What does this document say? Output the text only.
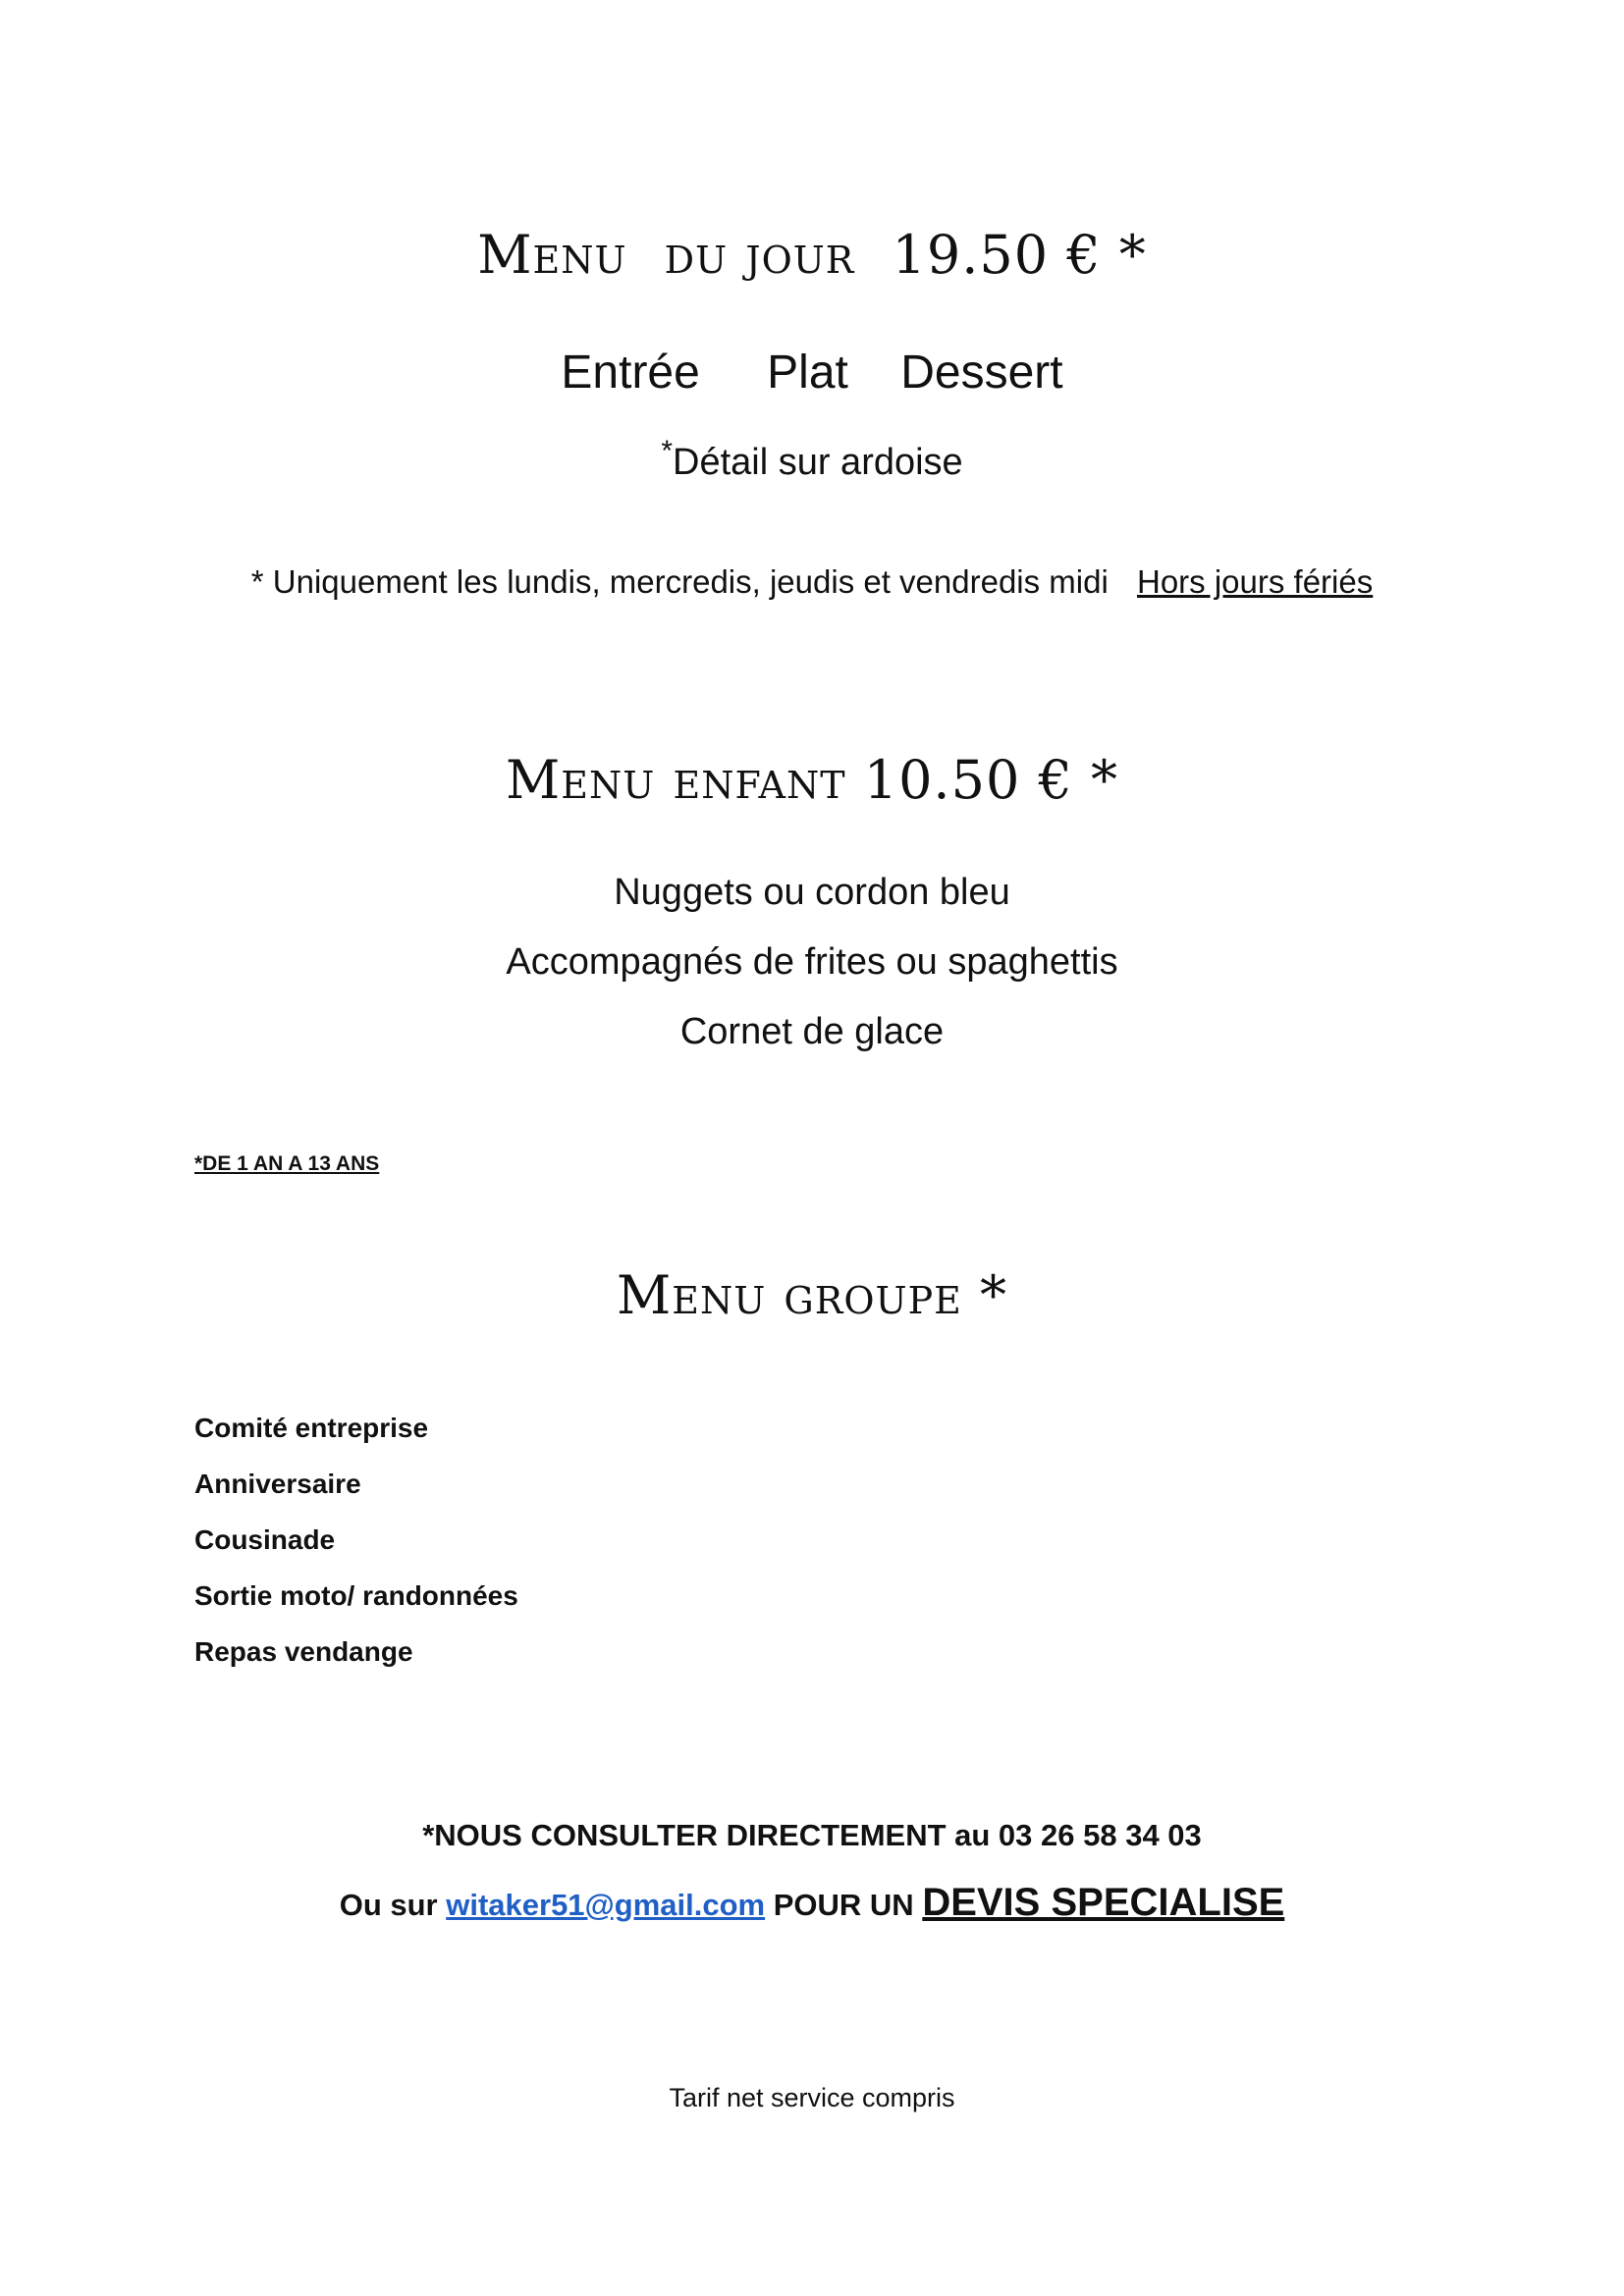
Menu du jour 19.50 € *
Entrée Plat Dessert
*Détail sur ardoise
* Uniquement les lundis, mercredis, jeudis et vendredis midi Hors jours fériés
Menu enfant 10.50 € *
Nuggets ou cordon bleu
Accompagnés de frites ou spaghettis
Cornet de glace
*DE 1 AN A 13 ANS
Menu groupe *
Comité entreprise
Anniversaire
Cousinade
Sortie moto/ randonnées
Repas vendange
*NOUS CONSULTER DIRECTEMENT au 03 26 58 34 03
Ou sur witaker51@gmail.com POUR UN DEVIS SPECIALISE
Tarif net service compris
